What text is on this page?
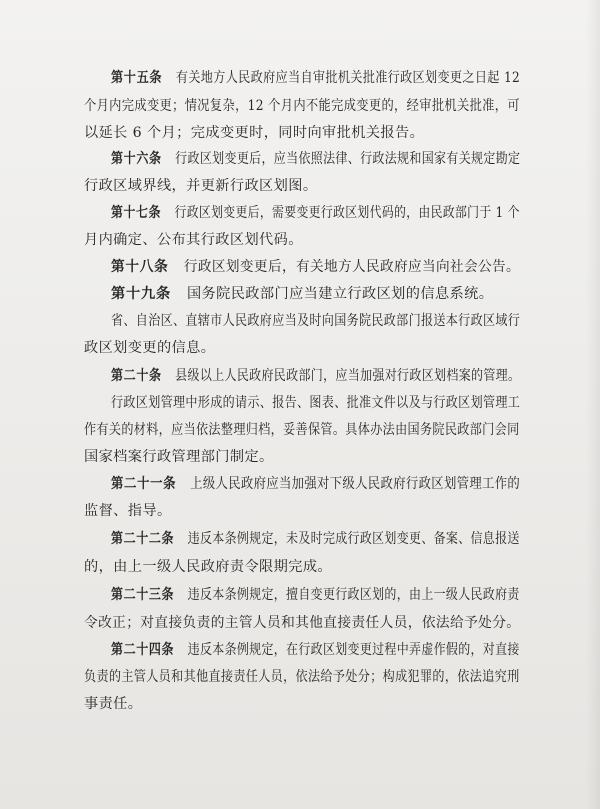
第十五条 有关地方人民政府应当自审批机关批准行政区划变更之日起 12
个月内完成变更；情况复杂，12 个月内不能完成变更的，经审批机关批准，可
以延长 6 个月；完成变更时，同时向审批机关报告。
第十六条 行政区划变更后，应当依照法律、行政法规和国家有关规定勘定
行政区域界线，并更新行政区划图。
第十七条 行政区划变更后，需要变更行政区划代码的，由民政部门于 1 个
月内确定、公布其行政区划代码。
第十八条 行政区划变更后，有关地方人民政府应当向社会公告。
第十九条 国务院民政部门应当建立行政区划的信息系统。
省、自治区、直辖市人民政府应当及时向国务院民政部门报送本行政区域行
政区划变更的信息。
第二十条 县级以上人民政府民政部门，应当加强对行政区划档案的管理。
行政区划管理中形成的请示、报告、图表、批准文件以及与行政区划管理工
作有关的材料，应当依法整理归档，妥善保管。具体办法由国务院民政部门会同
国家档案行政管理部门制定。
第二十一条 上级人民政府应当加强对下级人民政府行政区划管理工作的
监督、指导。
第二十二条 违反本条例规定，未及时完成行政区划变更、备案、信息报送
的，由上一级人民政府责令限期完成。
第二十三条 违反本条例规定，擅自变更行政区划的，由上一级人民政府责
令改正；对直接负责的主管人员和其他直接责任人员，依法给予处分。
第二十四条 违反本条例规定，在行政区划变更过程中弄虚作假的，对直接
负责的主管人员和其他直接责任人员，依法给予处分；构成犯罪的，依法追究刑
事责任。
